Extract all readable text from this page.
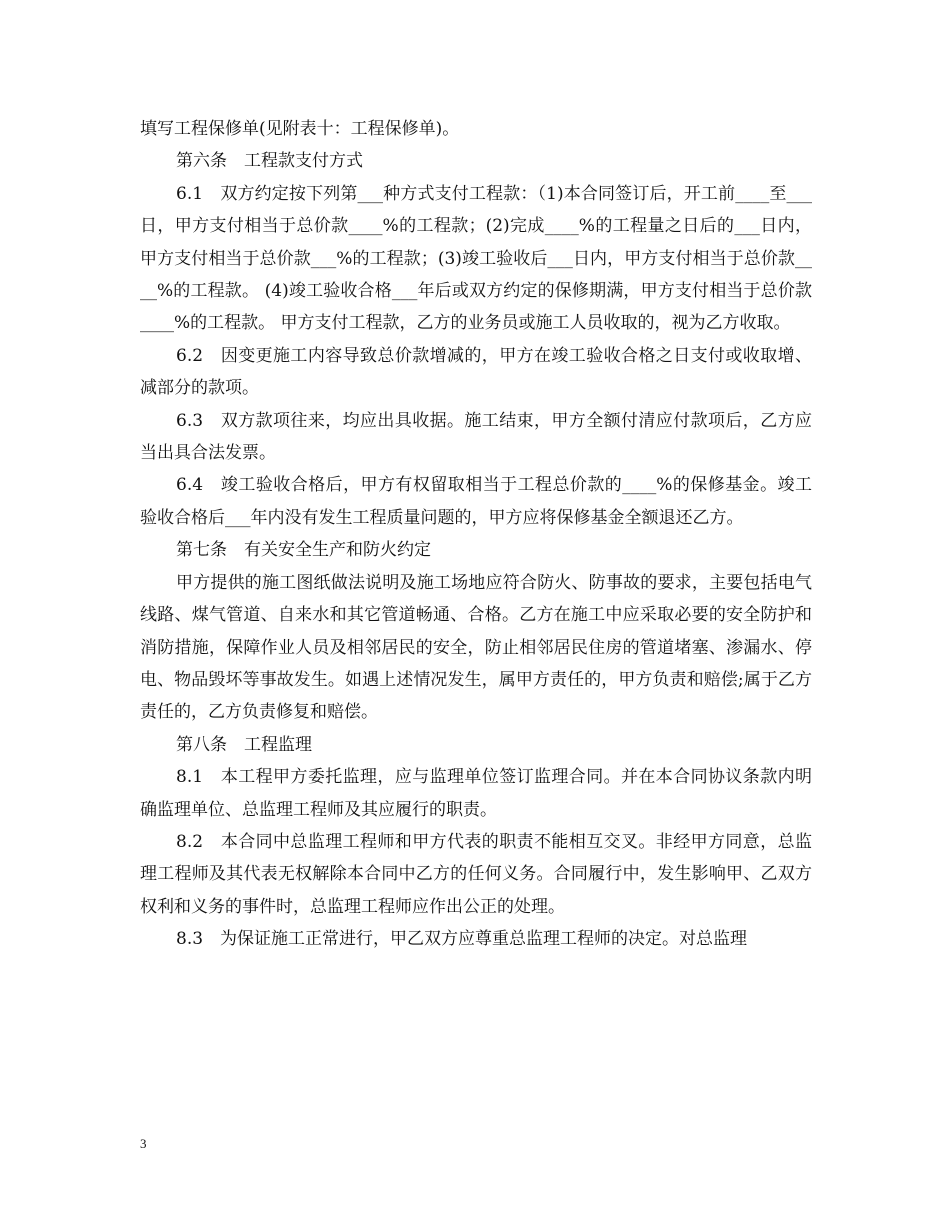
填写工程保修单(见附表十：工程保修单)。

第六条　工程款支付方式

6.1　双方约定按下列第___种方式支付工程款：（1)本合同签订后，开工前____至___日，甲方支付相当于总价款____%的工程款；(2)完成____%的工程量之日后的___日内，甲方支付相当于总价款___%的工程款；(3)竣工验收后___日内，甲方支付相当于总价款____%的工程款。 (4)竣工验收合格___年后或双方约定的保修期满，甲方支付相当于总价款____%的工程款。 甲方支付工程款，乙方的业务员或施工人员收取的，视为乙方收取。

6.2　因变更施工内容导致总价款增减的，甲方在竣工验收合格之日支付或收取增、减部分的款项。

6.3　双方款项往来，均应出具收据。施工结束，甲方全额付清应付款项后，乙方应当出具合法发票。

6.4　竣工验收合格后，甲方有权留取相当于工程总价款的____%的保修基金。竣工验收合格后___年内没有发生工程质量问题的，甲方应将保修基金全额退还乙方。

第七条　有关安全生产和防火约定

甲方提供的施工图纸做法说明及施工场地应符合防火、防事故的要求，主要包括电气线路、煤气管道、自来水和其它管道畅通、合格。乙方在施工中应采取必要的安全防护和消防措施，保障作业人员及相邻居民的安全，防止相邻居民住房的管道堵塞、渗漏水、停电、物品毁坏等事故发生。如遇上述情况发生，属甲方责任的，甲方负责和赔偿;属于乙方责任的，乙方负责修复和赔偿。

第八条　工程监理

8.1　本工程甲方委托监理，应与监理单位签订监理合同。并在本合同协议条款内明确监理单位、总监理工程师及其应履行的职责。

8.2　本合同中总监理工程师和甲方代表的职责不能相互交叉。非经甲方同意，总监理工程师及其代表无权解除本合同中乙方的任何义务。合同履行中，发生影响甲、乙双方权利和义务的事件时，总监理工程师应作出公正的处理。

8.3　为保证施工正常进行，甲乙双方应尊重总监理工程师的决定。对总监理

3
